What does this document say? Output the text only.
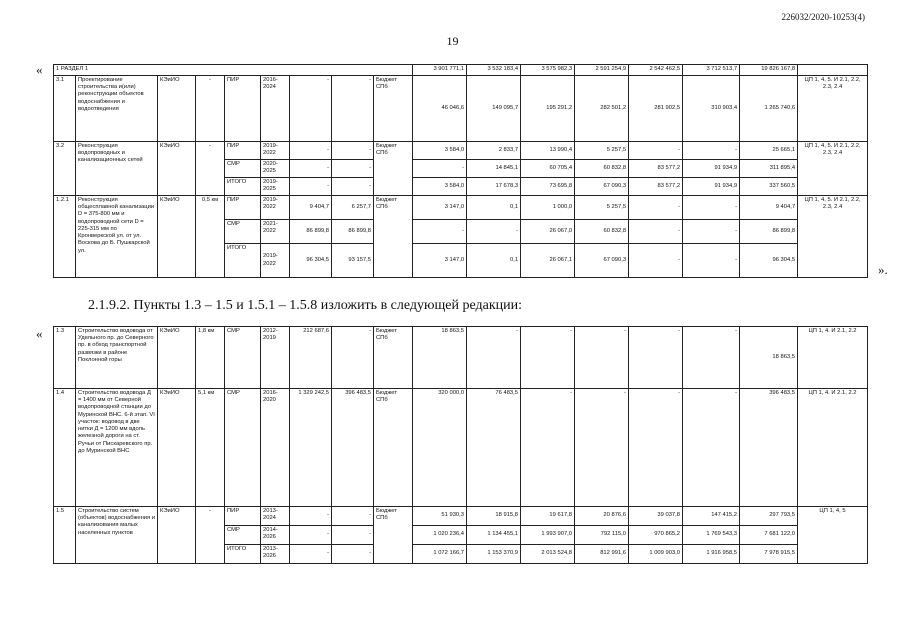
226032/2020-10253(4)
19
«
».
«
1 РАЗДЕЛ 1									3 901 771,1	3 532 183,4	3 575 982,3	2 591 254,9	2 542 462,5	3 712 513,7	19 826 167,8	
3.1	Проектирование строительства и(или) реконструкции объектов водоснабжения и водоотведения	КЭиИО	-	ПИР	2016-2024	-	-	Бюджет СПб	46 046,6	149 095,7	195 291,2	282 501,2	281 902,5	310 903,4	1 265 740,6	ЦП 1, 4, 5. И 2.1, 2.2, 2.3, 2.4
3.2	Реконструкция водопроводных и канализационных сетей	КЭиИО	-	ПИР	2019-2022	-	-	Бюджет СПб	3 584,0	2 833,7	13 990,4	5 257,5	-	-	25 665,1	ЦП 1, 4, 5. И 2.1, 2.2, 2.3, 2.4
				СМР	2020-2025	-	-		-	14 845,1	60 705,4	60 832,8	83 577,2	91 934,9	311 895,4	
				ИТОГО	2019-2025	-	-		3 584,0	17 678,3	73 695,8	67 090,3	83 577,2	91 934,9	337 560,5	
1.2.1	Реконструкция общесплавной канализации D = 375-800 мм и водопроводной сети D = 225-315 мм по Кронверкской ул. от ул. Воскова до Б. Пушкарской ул.	КЭиИО	0,5 км	ПИР	2019-2022	9 404,7	6 257,7	Бюджет СПб	3 147,0	0,1	1 000,0	5 257,5	-	-	9 404,7	ЦП 1, 4, 5. И 2.1, 2.2, 2.3, 2.4
				СМР	2021-2022	86 899,8	86 899,8		-	-	26 067,0	60 832,8	-	-	86 899,8	
				ИТОГО	2019-2022	96 304,5	93 157,5		3 147,0	0,1	26 067,1	67 090,3	-	-	96 304,5	
2.1.9.2. Пункты 1.3 – 1.5 и 1.5.1 – 1.5.8 изложить в следующей редакции:
1.3	Строительство водовода от Удельного пр. до Северного пр. в обход транспортной развязки в районе Поклонной горы	КЭиИО	1,8 км	СМР	2012-2019	212 687,6	-	Бюджет СПб	18 863,5	-	-	-	-	-	18 863,5	ЦП 1, 4. И 2.1, 2.2
1.4	Строительство водовода Д = 1400 мм от Северной водопроводной станции до Муринской ВНС. 6-й этап. VI участок: водовод в две нитки Д = 1200 мм вдоль железной дороги на ст. Ручьи от Пискаревского пр. до Муринской ВНС	КЭиИО	5,1 км	СМР	2016-2020	1 329 242,5	396 483,5	Бюджет СПб	320 000,0	76 483,5	-	-	-	-	396 483,5	ЦП 1, 4. И 2.1, 2.2
1.5	Строительство систем (объектов) водоснабжения и канализования малых населенных пунктов	КЭиИО	-	ПИР	2013-2024	-	-	Бюджет СПб	51 930,3	18 915,8	19 617,8	20 876,6	39 037,8	147 415,2	297 793,5	ЦП 1, 4, 5
				СМР	2014-2026	-	-		1 020 236,4	1 134 455,1	1 993 907,0	792 115,0	970 865,2	1 769 543,3	7 681 122,0	
				ИТОГО	2013-2026	-	-		1 072 166,7	1 153 370,9	2 013 524,8	812 991,6	1 009 903,0	1 916 958,5	7 978 915,5	
